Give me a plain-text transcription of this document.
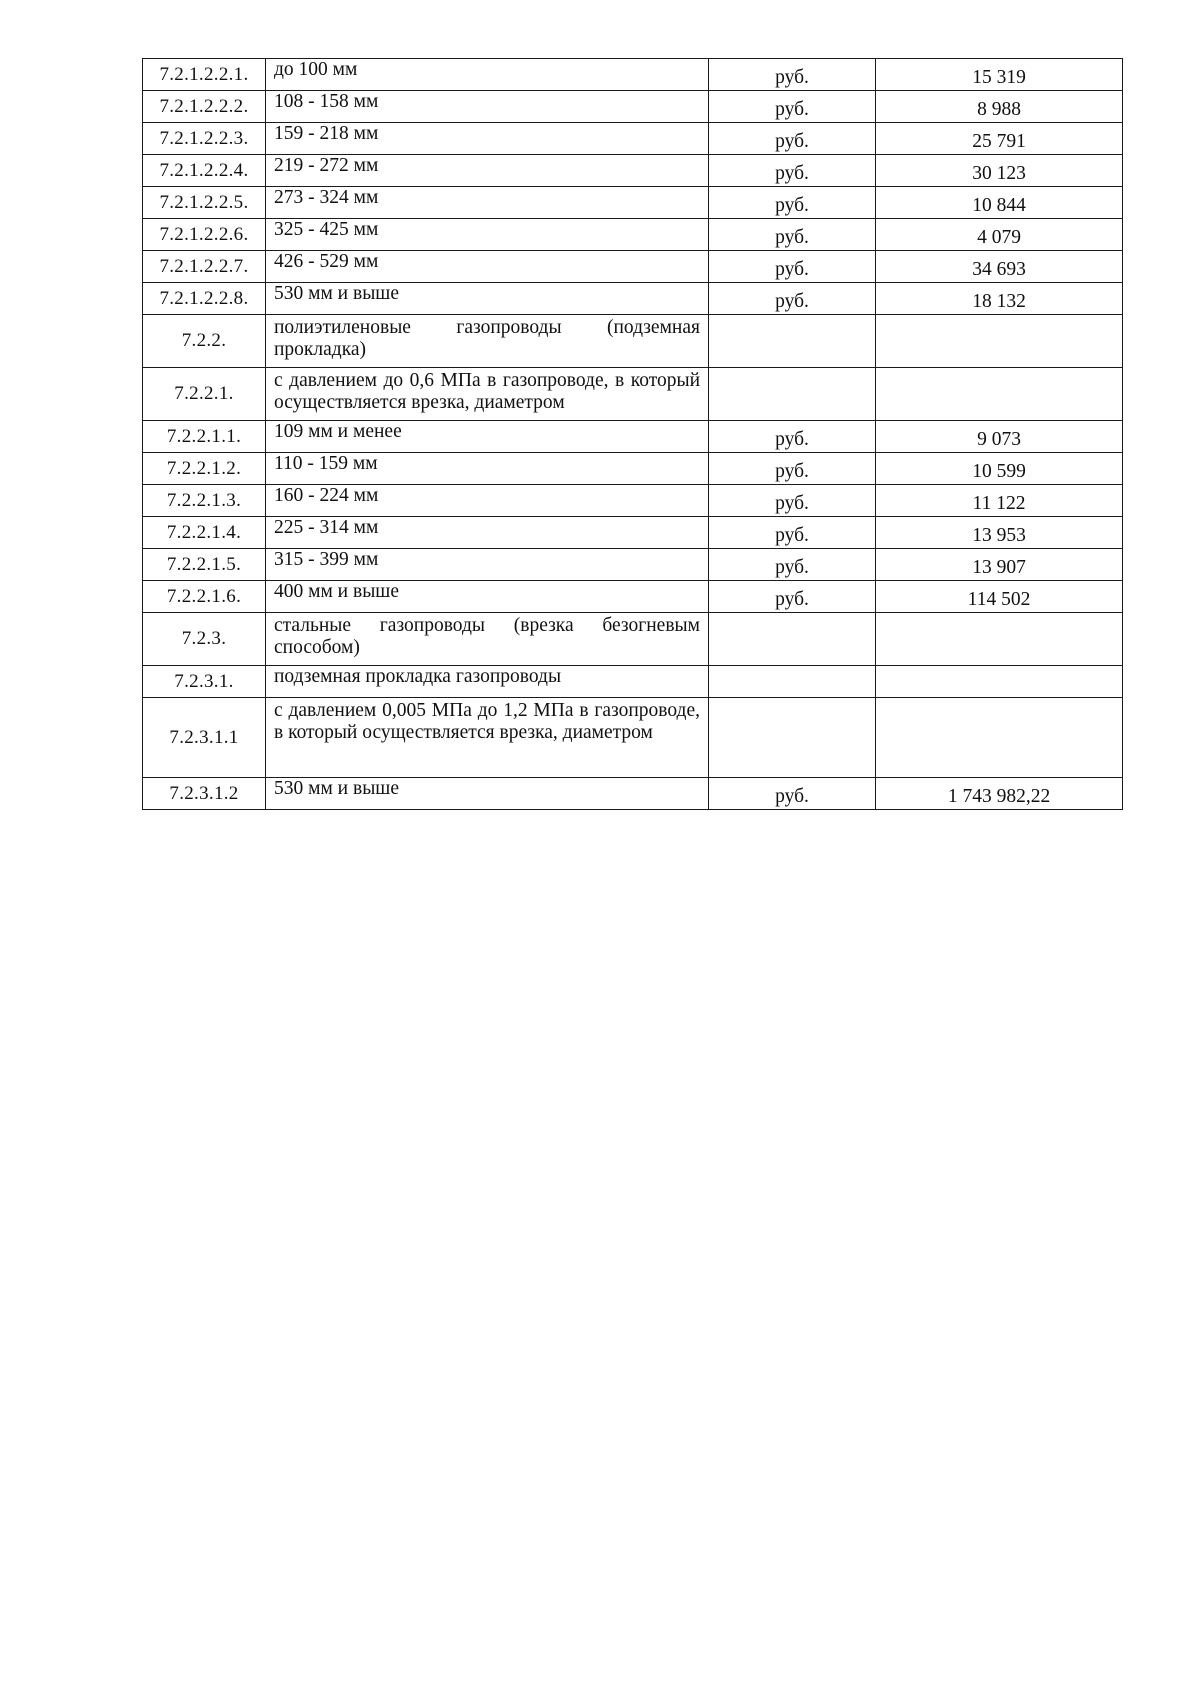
7.2.1.2.2.1.	до 100 мм	руб.	15 319
7.2.1.2.2.2.	108 - 158 мм	руб.	8 988
7.2.1.2.2.3.	159 - 218 мм	руб.	25 791
7.2.1.2.2.4.	219 - 272 мм	руб.	30 123
7.2.1.2.2.5.	273 - 324 мм	руб.	10 844
7.2.1.2.2.6.	325 - 425 мм	руб.	4 079
7.2.1.2.2.7.	426 - 529 мм	руб.	34 693
7.2.1.2.2.8.	530 мм и выше	руб.	18 132
7.2.2.	полиэтиленовые газопроводы (подземная прокладка)		
7.2.2.1.	с давлением до 0,6 МПа в газопроводе, в который осуществляется врезка, диаметром		
7.2.2.1.1.	109 мм и менее	руб.	9 073
7.2.2.1.2.	110 - 159 мм	руб.	10 599
7.2.2.1.3.	160 - 224 мм	руб.	11 122
7.2.2.1.4.	225 - 314 мм	руб.	13 953
7.2.2.1.5.	315 - 399 мм	руб.	13 907
7.2.2.1.6.	400 мм и выше	руб.	114 502
7.2.3.	стальные газопроводы (врезка безогневым способом)		
7.2.3.1.	подземная прокладка газопроводы		
7.2.3.1.1	с давлением 0,005 МПа до 1,2 МПа в газопроводе, в который осуществляется врезка, диаметром		
7.2.3.1.2	530 мм и выше	руб.	1 743 982,22
